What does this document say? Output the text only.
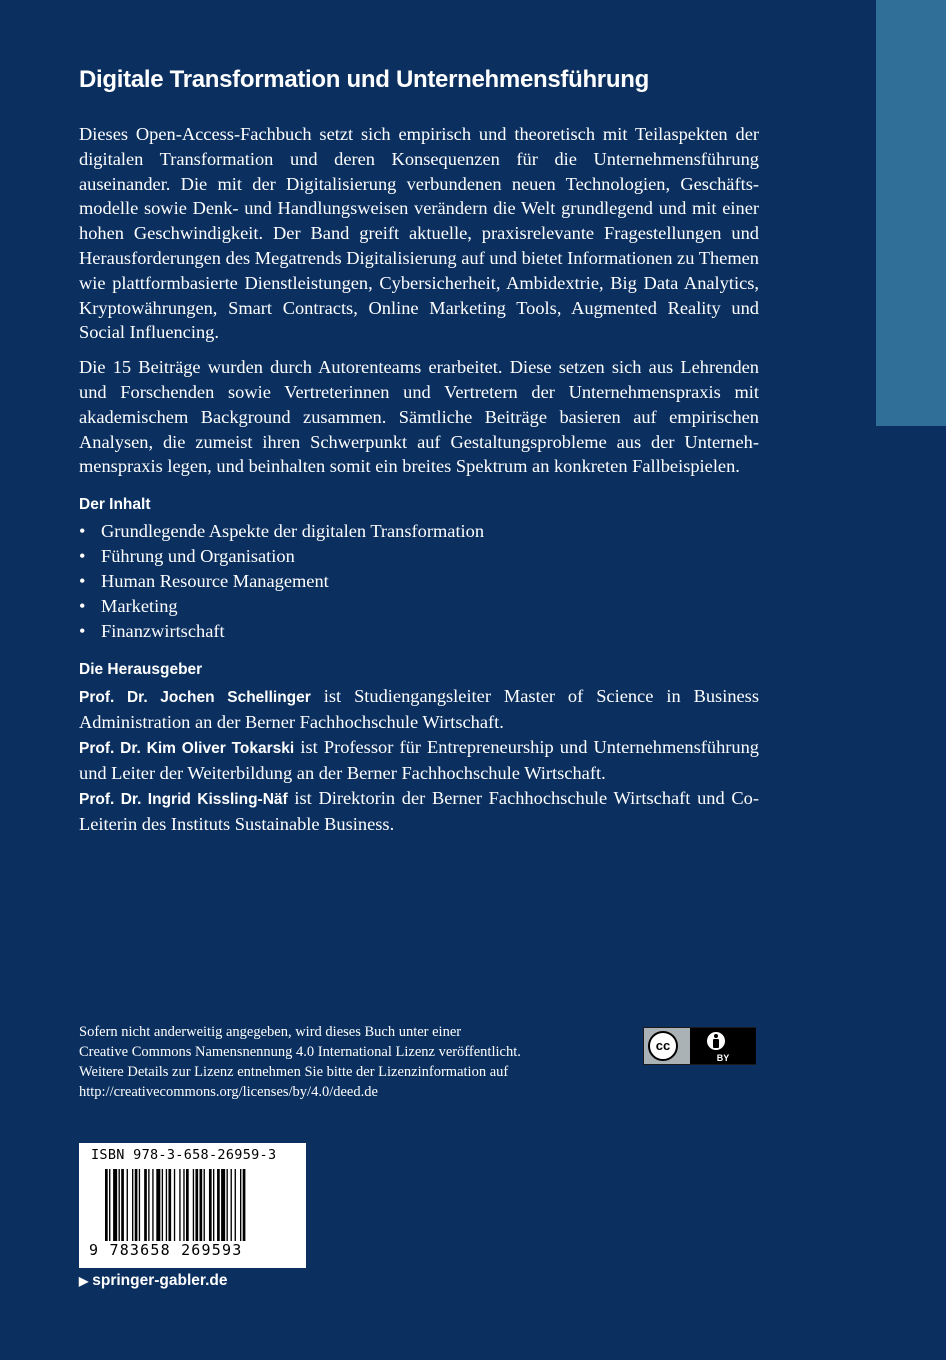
Digitale Transformation und Unternehmensführung

Dieses Open-Access-Fachbuch setzt sich empirisch und theoretisch mit Teilaspekten der digitalen Transformation und deren Konsequenzen für die Unternehmensführung auseinander. Die mit der Digitalisierung verbundenen neuen Technologien, Geschäftsmodelle sowie Denk- und Handlungsweisen verändern die Welt grundlegend und mit einer hohen Geschwindigkeit. Der Band greift aktuelle, praxisrelevante Fragestellungen und Herausforderungen des Megatrends Digitalisierung auf und bietet Informationen zu Themen wie plattformbasierte Dienstleistungen, Cybersicherheit, Ambidextrie, Big Data Analytics, Kryptowährungen, Smart Contracts, Online Marketing Tools, Augmented Reality und Social Influencing.

Die 15 Beiträge wurden durch Autorenteams erarbeitet. Diese setzen sich aus Lehrenden und Forschenden sowie Vertreterinnen und Vertretern der Unternehmenspraxis mit akademischem Background zusammen. Sämtliche Beiträge basieren auf empirischen Analysen, die zumeist ihren Schwerpunkt auf Gestaltungsprobleme aus der Unternehmenspraxis legen, und beinhalten somit ein breites Spektrum an konkreten Fallbeispielen.

Der Inhalt
• Grundlegende Aspekte der digitalen Transformation
• Führung und Organisation
• Human Resource Management
• Marketing
• Finanzwirtschaft
Die Herausgeber

Prof. Dr. Jochen Schellinger ist Studiengangsleiter Master of Science in Business Administration an der Berner Fachhochschule Wirtschaft.

Prof. Dr. Kim Oliver Tokarski ist Professor für Entrepreneurship und Unternehmensführung und Leiter der Weiterbildung an der Berner Fachhochschule Wirtschaft.

Prof. Dr. Ingrid Kissling-Näf ist Direktorin der Berner Fachhochschule Wirtschaft und Co-Leiterin des Instituts Sustainable Business.

Sofern nicht anderweitig angegeben, wird dieses Buch unter einer
Creative Commons Namensnennung 4.0 International Lizenz veröffentlicht.
Weitere Details zur Lizenz entnehmen Sie bitte der Lizenzinformation auf
http://creativecommons.org/licenses/by/4.0/deed.de
cc
BY
ISBN 978-3-658-26959-3
9 783658 269593
▶ springer-gabler.de
